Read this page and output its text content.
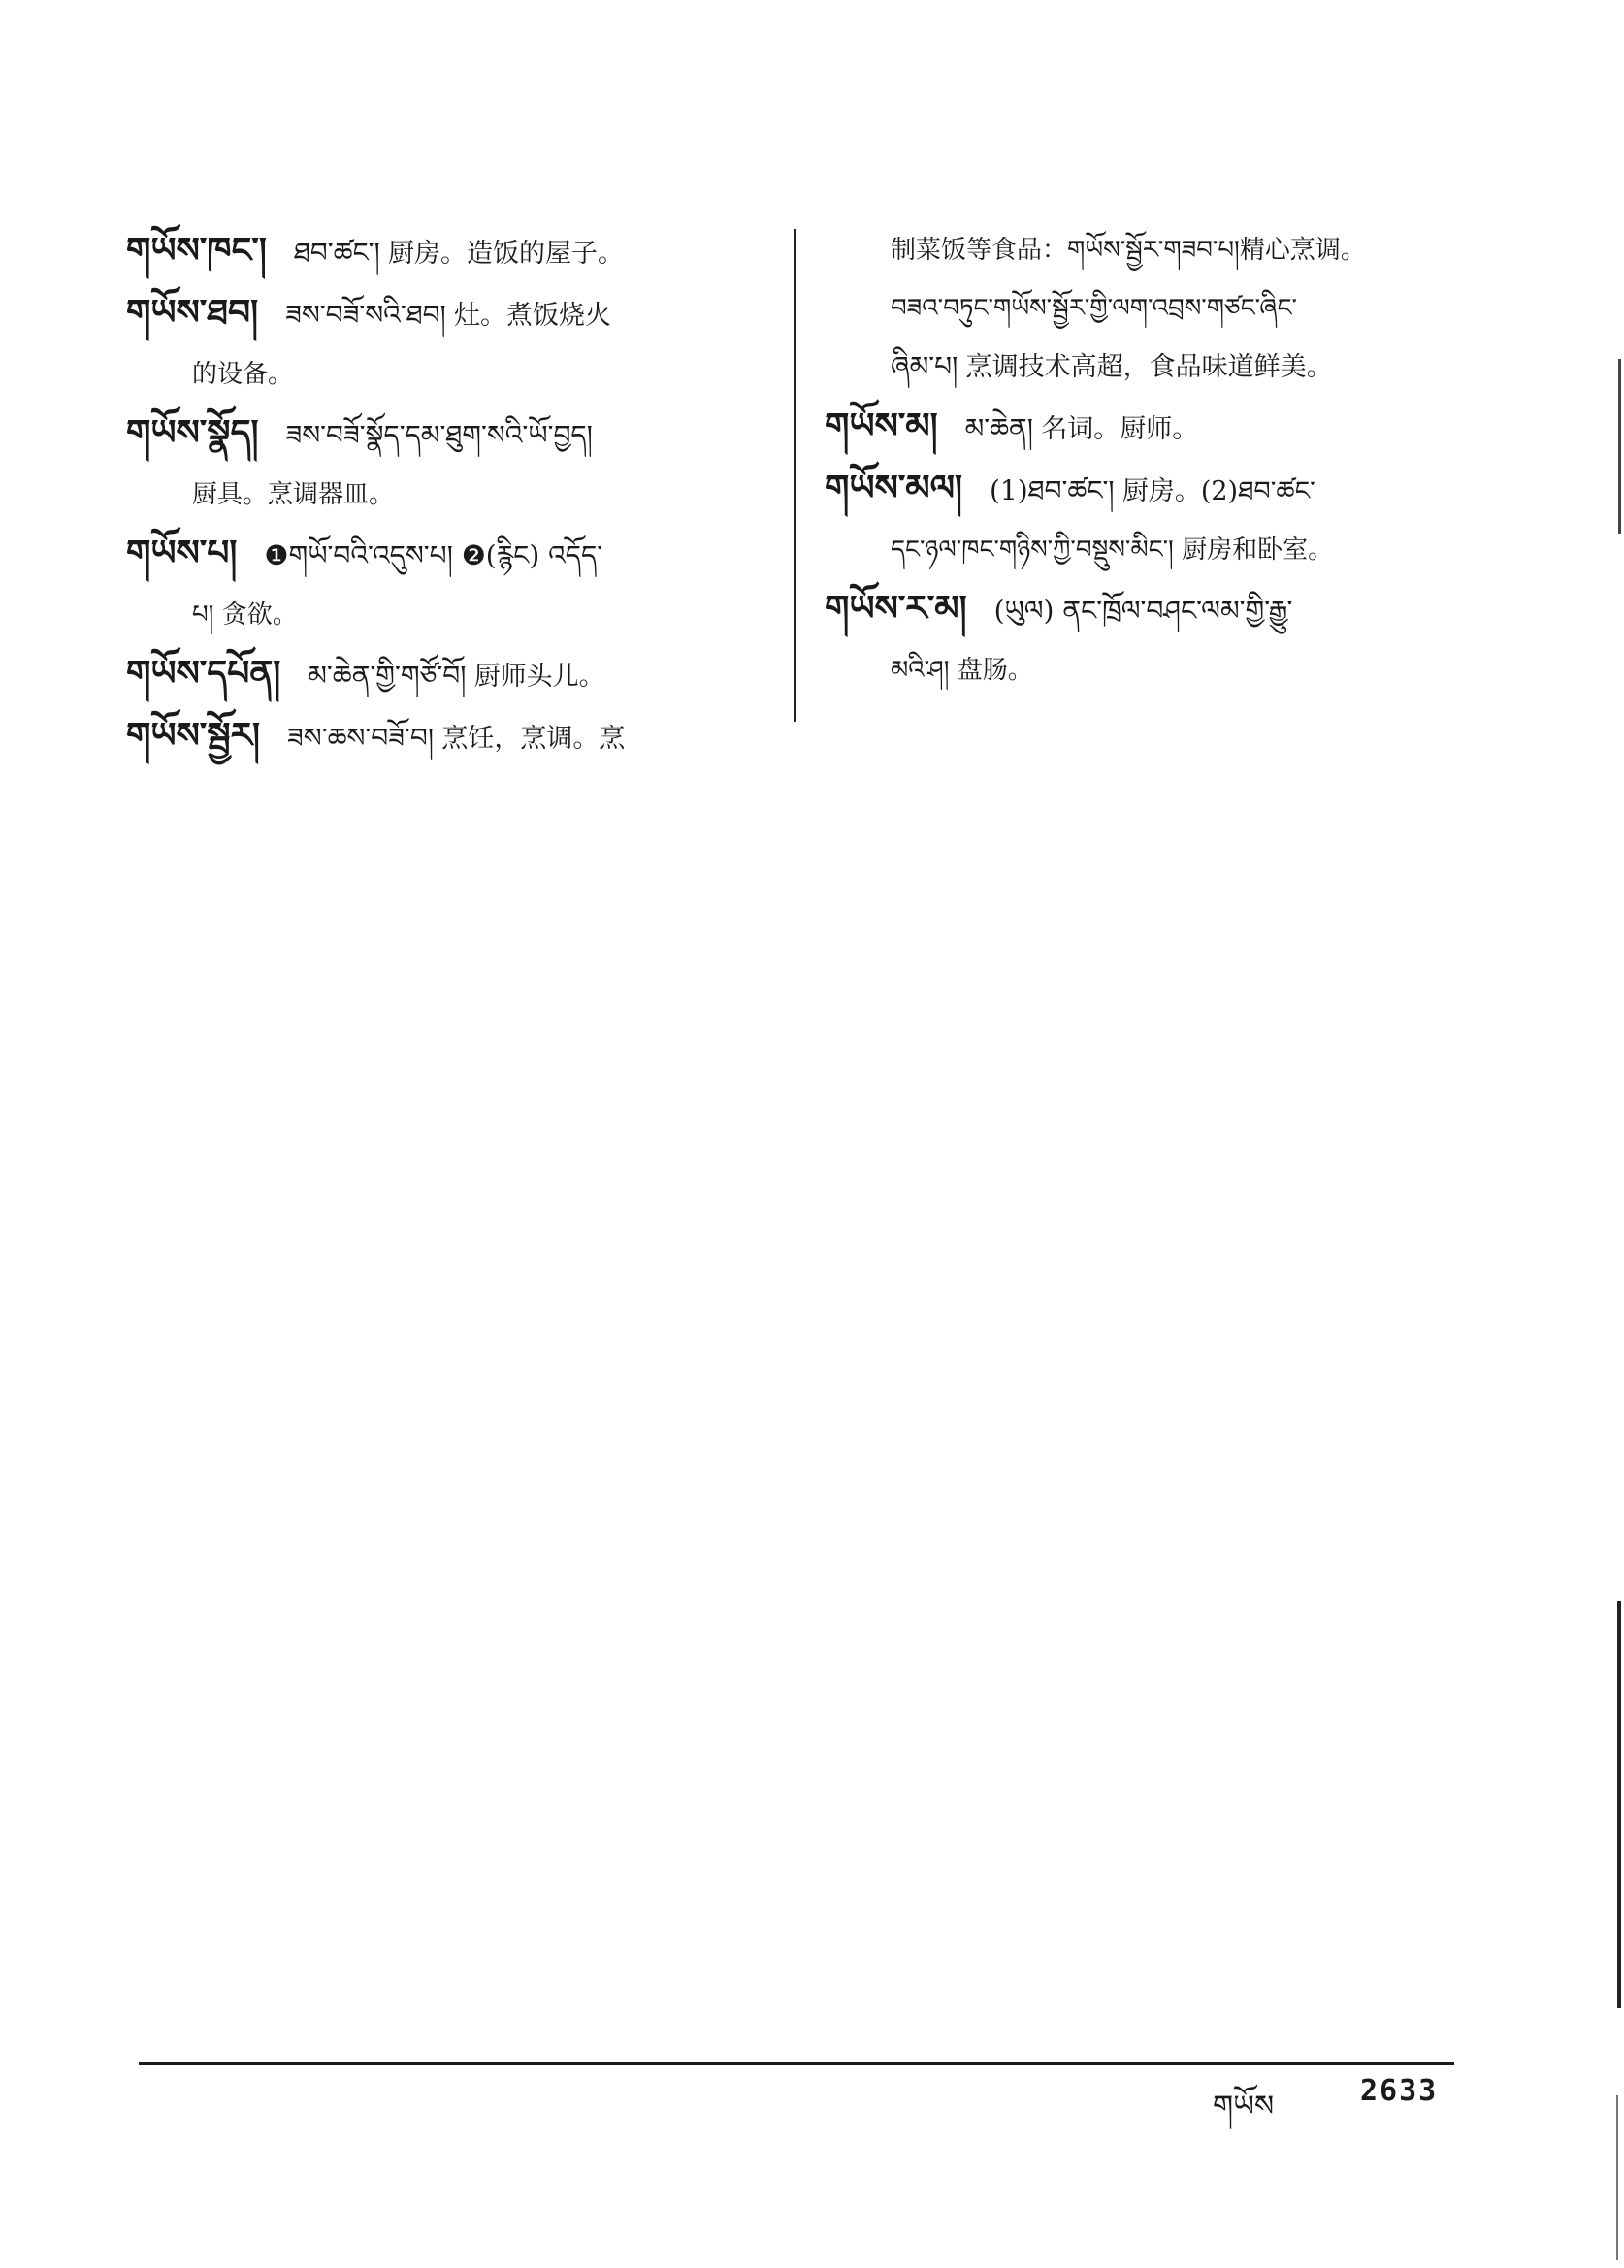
གཡོས་ཁང་། ཐབ་ཚང་། 厨房。造饭的屋子。

གཡོས་ཐབ། ཟས་བཟོ་སའི་ཐབ། 灶。煮饭烧火

的设备。

གཡོས་སྣོད། ཟས་བཟོ་སྣོད་དམ་ཐུག་སའི་ཡོ་བྱད།

厨具。烹调器皿。

གཡོས་པ། ❶གཡོ་བའི་འདུས་པ། ❷(རྙིང) འདོད་

པ། 贪欲。

གཡོས་དཔོན། མ་ཆེན་གྱི་གཙོ་བོ། 厨师头儿。

གཡོས་སྦྱོར། ཟས་ཆས་བཟོ་བ། 烹饪，烹调。烹

制菜饭等食品：གཡོས་སྦྱོར་གཟབ་པ།精心烹调。

བཟའ་བཏུང་གཡོས་སྦྱོར་གྱི་ལག་འབྲས་གཙང་ཞིང་

ཞིམ་པ། 烹调技术高超，食品味道鲜美。

གཡོས་མ། མ་ཆེན། 名词。厨师。

གཡོས་མལ། (1)ཐབ་ཚང་། 厨房。(2)ཐབ་ཚང་

དང་ཉལ་ཁང་གཉིས་ཀྱི་བསྡུས་མིང་། 厨房和卧室。

གཡོས་ར་མ། (ཡུལ) ནང་ཁྲོལ་བཤང་ལམ་གྱི་རྒྱུ་

མའི་ཤ། 盘肠。

གཡོས	2633
